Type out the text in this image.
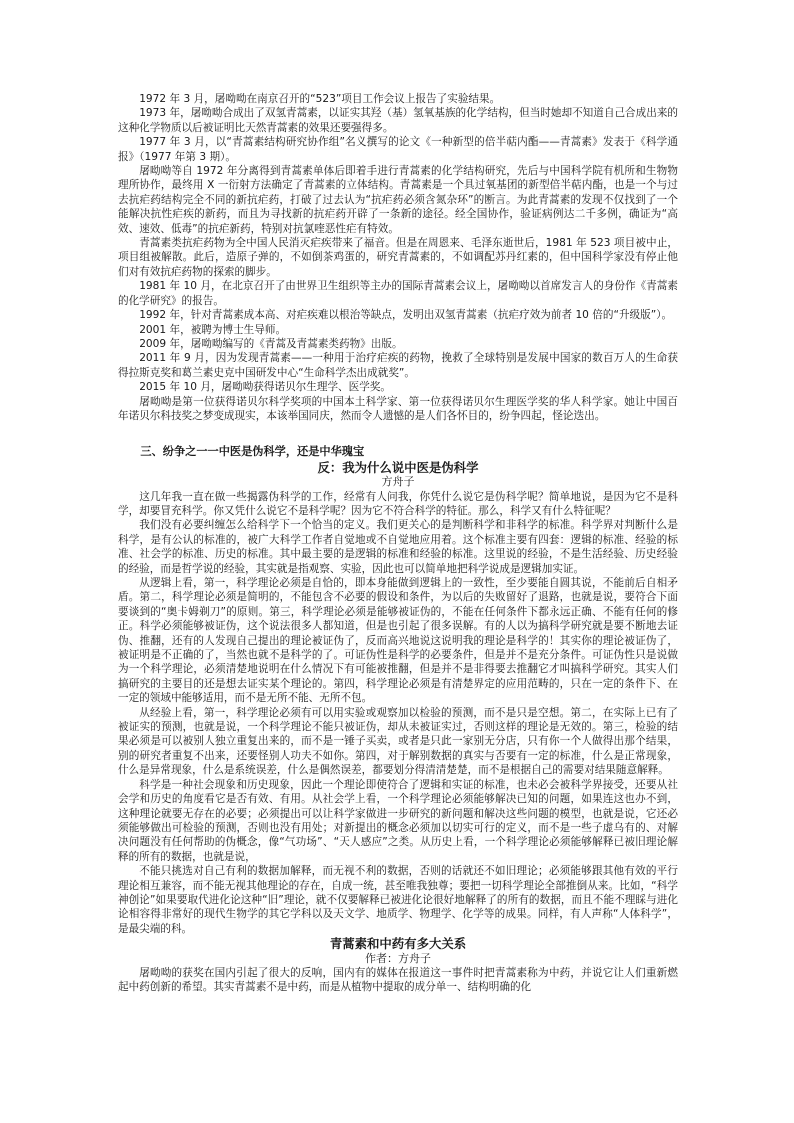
1972 年 3 月，屠呦呦在南京召开的“523”项目工作会议上报告了实验结果。

1973 年，屠呦呦合成出了双氢青蒿素，以证实其羟（基）氢氧基族的化学结构，但当时她却不知道自己合成出来的这种化学物质以后被证明比天然青蒿素的效果还要强得多。

1977 年 3 月，以“青蒿素结构研究协作组”名义撰写的论文《一种新型的倍半萜内酯——青蒿素》发表于《科学通报》（1977 年第 3 期）。

屠呦呦等自 1972 年分离得到青蒿素单体后即着手进行青蒿素的化学结构研究，先后与中国科学院有机所和生物物理所协作，最终用 X 一衍射方法确定了青蒿素的立体结构。青蒿素是一个具过氧基团的新型倍半萜内酯，也是一个与过去抗疟药结构完全不同的新抗疟药，打破了过去认为“抗疟药必须含氮杂环”的断言。为此青蒿素的发现不仅找到了一个能解决抗性疟疾的新药，而且为寻找新的抗疟药开辟了一条新的途径。经全国协作，验证病例达二千多例，确证为“高效、速效、低毒”的抗疟新药，特别对抗氯喹恶性疟有特效。

青蒿素类抗疟药物为全中国人民消灭疟疾带来了福音。但是在周恩来、毛泽东逝世后，1981 年 523 项目被中止，项目组被解散。此后，造原子弹的，不如倒茶鸡蛋的，研究青蒿素的，不如调配苏丹红素的，但中国科学家没有停止他们对有效抗疟药物的探索的脚步。

1981 年 10 月，在北京召开了由世界卫生组织等主办的国际青蒿素会议上，屠呦呦以首席发言人的身份作《青蒿素的化学研究》的报告。

1992 年，针对青蒿素成本高、对疟疾难以根治等缺点，发明出双氢青蒿素（抗疟疗效为前者 10 倍的“升级版”）。

2001 年，被聘为博士生导师。

2009 年，屠呦呦编写的《青蒿及青蒿素类药物》出版。

2011 年 9 月，因为发现青蒿素——一种用于治疗疟疾的药物，挽救了全球特别是发展中国家的数百万人的生命获得拉斯克奖和葛兰素史克中国研发中心“生命科学杰出成就奖”。

2015 年 10 月，屠呦呦获得诺贝尔生理学、医学奖。

屠呦呦是第一位获得诺贝尔科学奖项的中国本土科学家、第一位获得诺贝尔生理医学奖的华人科学家。她让中国百年诺贝尔科技奖之梦变成现实，本该举国同庆，然而令人遗憾的是人们各怀目的，纷争四起，怪论迭出。

三、纷争之一一中医是伪科学，还是中华瑰宝

反：我为什么说中医是伪科学

方舟子

这几年我一直在做一些揭露伪科学的工作，经常有人问我，你凭什么说它是伪科学呢？简单地说，是因为它不是科学，却要冒充科学。你又凭什么说它不是科学呢？因为它不符合科学的特征。那么，科学又有什么特征呢？

我们没有必要纠缠怎么给科学下一个恰当的定义。我们更关心的是判断科学和非科学的标准。科学界对判断什么是科学，是有公认的标准的，被广大科学工作者自觉地或不自觉地应用着。这个标准主要有四套：逻辑的标准、经验的标准、社会学的标准、历史的标准。其中最主要的是逻辑的标准和经验的标准。这里说的经验，不是生活经验、历史经验的经验，而是哲学说的经验，其实就是指观察、实验，因此也可以简单地把科学说成是逻辑加实证。

从逻辑上看，第一，科学理论必须是自恰的，即本身能做到逻辑上的一致性，至少要能自圆其说，不能前后自相矛盾。第二，科学理论必须是简明的，不能包含不必要的假设和条件，为以后的失败留好了退路，也就是说，要符合下面要谈到的“奥卡姆剃刀”的原则。第三，科学理论必须是能够被证伪的，不能在任何条件下都永远正确、不能有任何的修正。科学必须能够被证伪，这个说法很多人都知道，但是也引起了很多误解。有的人以为搞科学研究就是要不断地去证伪、推翻，还有的人发现自己提出的理论被证伪了，反而高兴地说这说明我的理论是科学的！其实你的理论被证伪了，被证明是不正确的了，当然也就不是科学的了。可证伪性是科学的必要条件，但是并不是充分条件。可证伪性只是说做为一个科学理论，必须清楚地说明在什么情况下有可能被推翻，但是并不是非得要去推翻它才叫搞科学研究。其实人们搞研究的主要目的还是想去证实某个理论的。第四，科学理论必须是有清楚界定的应用范畴的，只在一定的条件下、在一定的领域中能够适用，而不是无所不能、无所不包。

从经验上看，第一，科学理论必须有可以用实验或观察加以检验的预测，而不是只是空想。第二，在实际上已有了被证实的预测，也就是说，一个科学理论不能只被证伪，却从未被证实过，否则这样的理论是无效的。第三，检验的结果必须是可以被别人独立重复出来的，而不是一锤子买卖，或者是只此一家别无分店，只有你一个人做得出那个结果，别的研究者重复不出来，还要怪别人功夫不如你。第四，对于解别数据的真实与否要有一定的标准，什么是正常现象，什么是异常现象，什么是系统误差，什么是偶然误差，都要划分得清清楚楚，而不是根据自己的需要对结果随意解释。

科学是一种社会现象和历史现象，因此一个理论即使符合了逻辑和实证的标准，也未必会被科学界接受，还要从社会学和历史的角度看它是否有效、有用。从社会学上看，一个科学理论必须能够解决已知的问题，如果连这也办不到，这种理论就要无存在的必要；必须提出可以让科学家做进一步研究的新问题和解决这些问题的模型，也就是说，它还必须能够做出可检验的预测，否则也没有用处；对新提出的概念必须加以切实可行的定义，而不是一些子虚乌有的、对解决问题没有任何帮助的伪概念，像“气功场”、“天人感应”之类。从历史上看，一个科学理论必须能够解释已被旧理论解释的所有的数据，也就是说，

不能只挑选对自己有利的数据加解释，而无视不利的数据，否则的话就还不如旧理论；必须能够跟其他有效的平行理论相互兼容，而不能无视其他理论的存在，自成一统，甚至唯我独尊；要把一切科学理论全部推倒从来。比如，“科学神创论”如果要取代进化论这种“旧”理论，就不仅要解释已被进化论很好地解释了的所有的数据，而且不能不理睬与进化论相容得非常好的现代生物学的其它学科以及天文学、地质学、物理学、化学等的成果。同样，有人声称“人体科学”，是最尖端的科。

青蒿素和中药有多大关系

作者：方舟子

屠呦呦的获奖在国内引起了很大的反响，国内有的媒体在报道这一事件时把青蒿素称为中药，并说它让人们重新燃起中药创新的希望。其实青蒿素不是中药，而是从植物中提取的成分单一、结构明确的化
